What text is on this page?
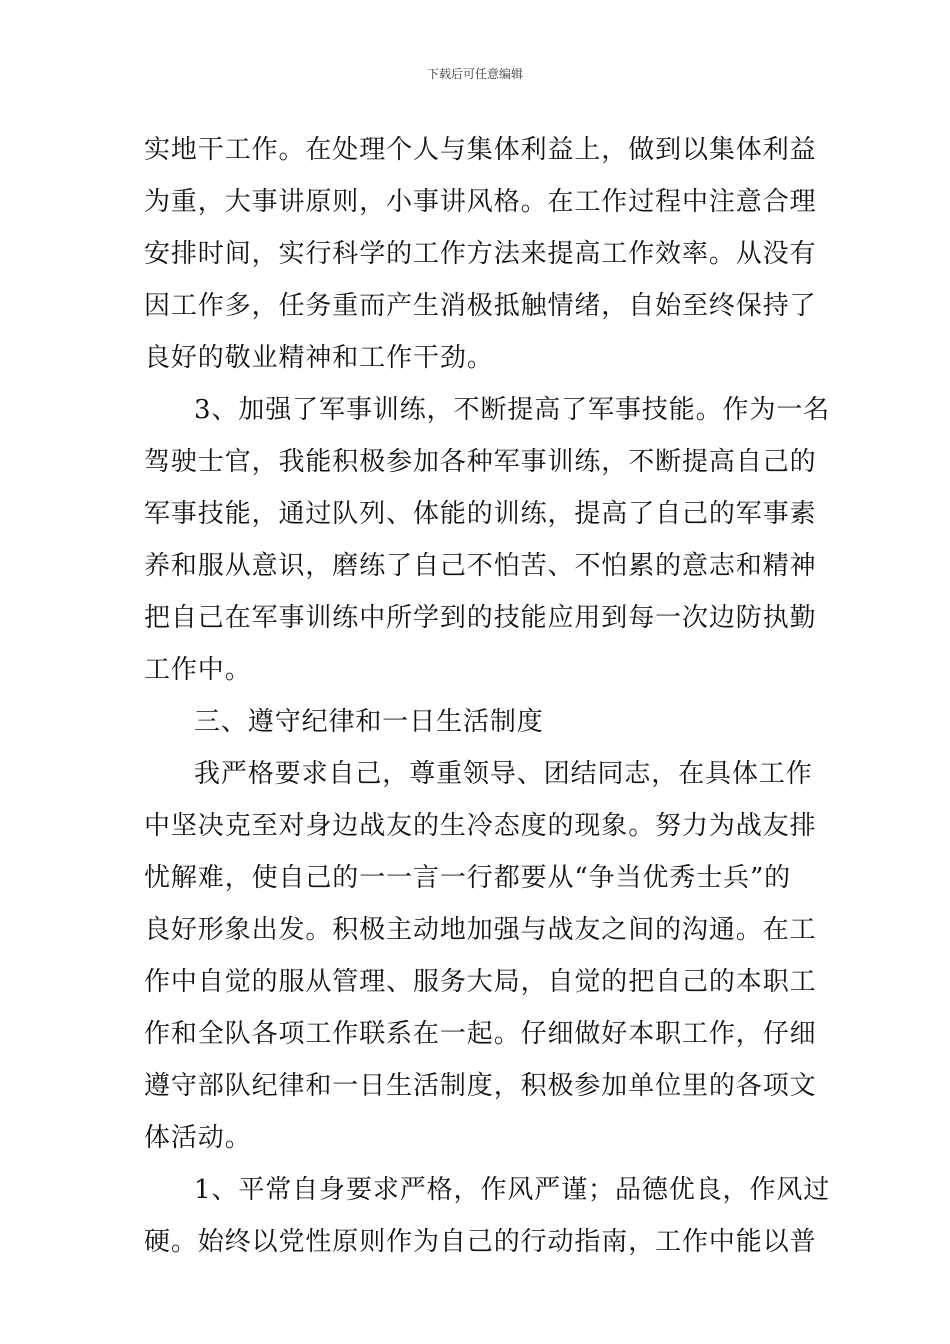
下载后可任意编辑
实地干工作。在处理个人与集体利益上，做到以集体利益
为重，大事讲原则，小事讲风格。在工作过程中注意合理
安排时间，实行科学的工作方法来提高工作效率。从没有
因工作多，任务重而产生消极抵触情绪，自始至终保持了
良好的敬业精神和工作干劲。
3、加强了军事训练，不断提高了军事技能。作为一名
驾驶士官，我能积极参加各种军事训练，不断提高自己的
军事技能，通过队列、体能的训练，提高了自己的军事素
养和服从意识，磨练了自己不怕苦、不怕累的意志和精神
把自己在军事训练中所学到的技能应用到每一次边防执勤
工作中。
三、遵守纪律和一日生活制度
我严格要求自己，尊重领导、团结同志，在具体工作
中坚决克至对身边战友的生冷态度的现象。努力为战友排
忧解难，使自己的一一言一行都要从“争当优秀士兵”的
良好形象出发。积极主动地加强与战友之间的沟通。在工
作中自觉的服从管理、服务大局，自觉的把自己的本职工
作和全队各项工作联系在一起。仔细做好本职工作，仔细
遵守部队纪律和一日生活制度，积极参加单位里的各项文
体活动。
1、平常自身要求严格，作风严谨；品德优良，作风过
硬。始终以党性原则作为自己的行动指南，工作中能以普
